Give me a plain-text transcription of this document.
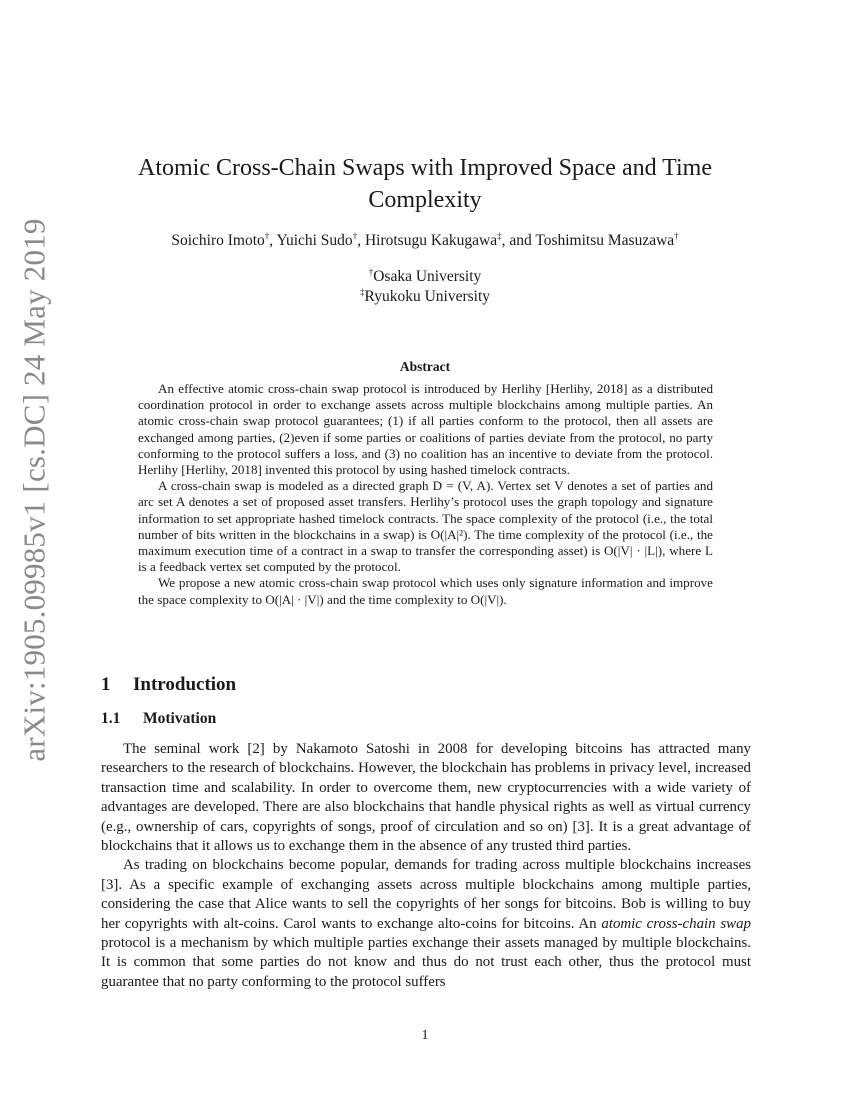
arXiv:1905.09985v1 [cs.DC] 24 May 2019
Atomic Cross-Chain Swaps with Improved Space and Time
Complexity
Soichiro Imoto†, Yuichi Sudo†, Hirotsugu Kakugawa‡, and Toshimitsu Masuzawa†
†Osaka University
‡Ryukoku University
Abstract

An effective atomic cross-chain swap protocol is introduced by Herlihy [Herlihy, 2018] as a distributed coordination protocol in order to exchange assets across multiple blockchains among multiple parties. An atomic cross-chain swap protocol guarantees; (1) if all parties conform to the protocol, then all assets are exchanged among parties, (2)even if some parties or coalitions of parties deviate from the protocol, no party conforming to the protocol suffers a loss, and (3) no coalition has an incentive to deviate from the protocol. Herlihy [Herlihy, 2018] invented this protocol by using hashed timelock contracts.

A cross-chain swap is modeled as a directed graph D = (V, A). Vertex set V denotes a set of parties and arc set A denotes a set of proposed asset transfers. Herlihy’s protocol uses the graph topology and signature information to set appropriate hashed timelock contracts. The space complexity of the protocol (i.e., the total number of bits written in the blockchains in a swap) is O(|A|²). The time complexity of the protocol (i.e., the maximum execution time of a contract in a swap to transfer the corresponding asset) is O(|V| · |L|), where L is a feedback vertex set computed by the protocol.

We propose a new atomic cross-chain swap protocol which uses only signature information and improve the space complexity to O(|A| · |V|) and the time complexity to O(|V|).

1 Introduction
1.1 Motivation

The seminal work [2] by Nakamoto Satoshi in 2008 for developing bitcoins has attracted many researchers to the research of blockchains. However, the blockchain has problems in privacy level, increased transaction time and scalability. In order to overcome them, new cryptocurrencies with a wide variety of advantages are developed. There are also blockchains that handle physical rights as well as virtual currency (e.g., ownership of cars, copyrights of songs, proof of circulation and so on) [3]. It is a great advantage of blockchains that it allows us to exchange them in the absence of any trusted third parties.

As trading on blockchains become popular, demands for trading across multiple blockchains increases [3]. As a specific example of exchanging assets across multiple blockchains among multiple parties, considering the case that Alice wants to sell the copyrights of her songs for bitcoins. Bob is willing to buy her copyrights with alt-coins. Carol wants to exchange alto-coins for bitcoins. An atomic cross-chain swap protocol is a mechanism by which multiple parties exchange their assets managed by multiple blockchains. It is common that some parties do not know and thus do not trust each other, thus the protocol must guarantee that no party conforming to the protocol suffers

1
